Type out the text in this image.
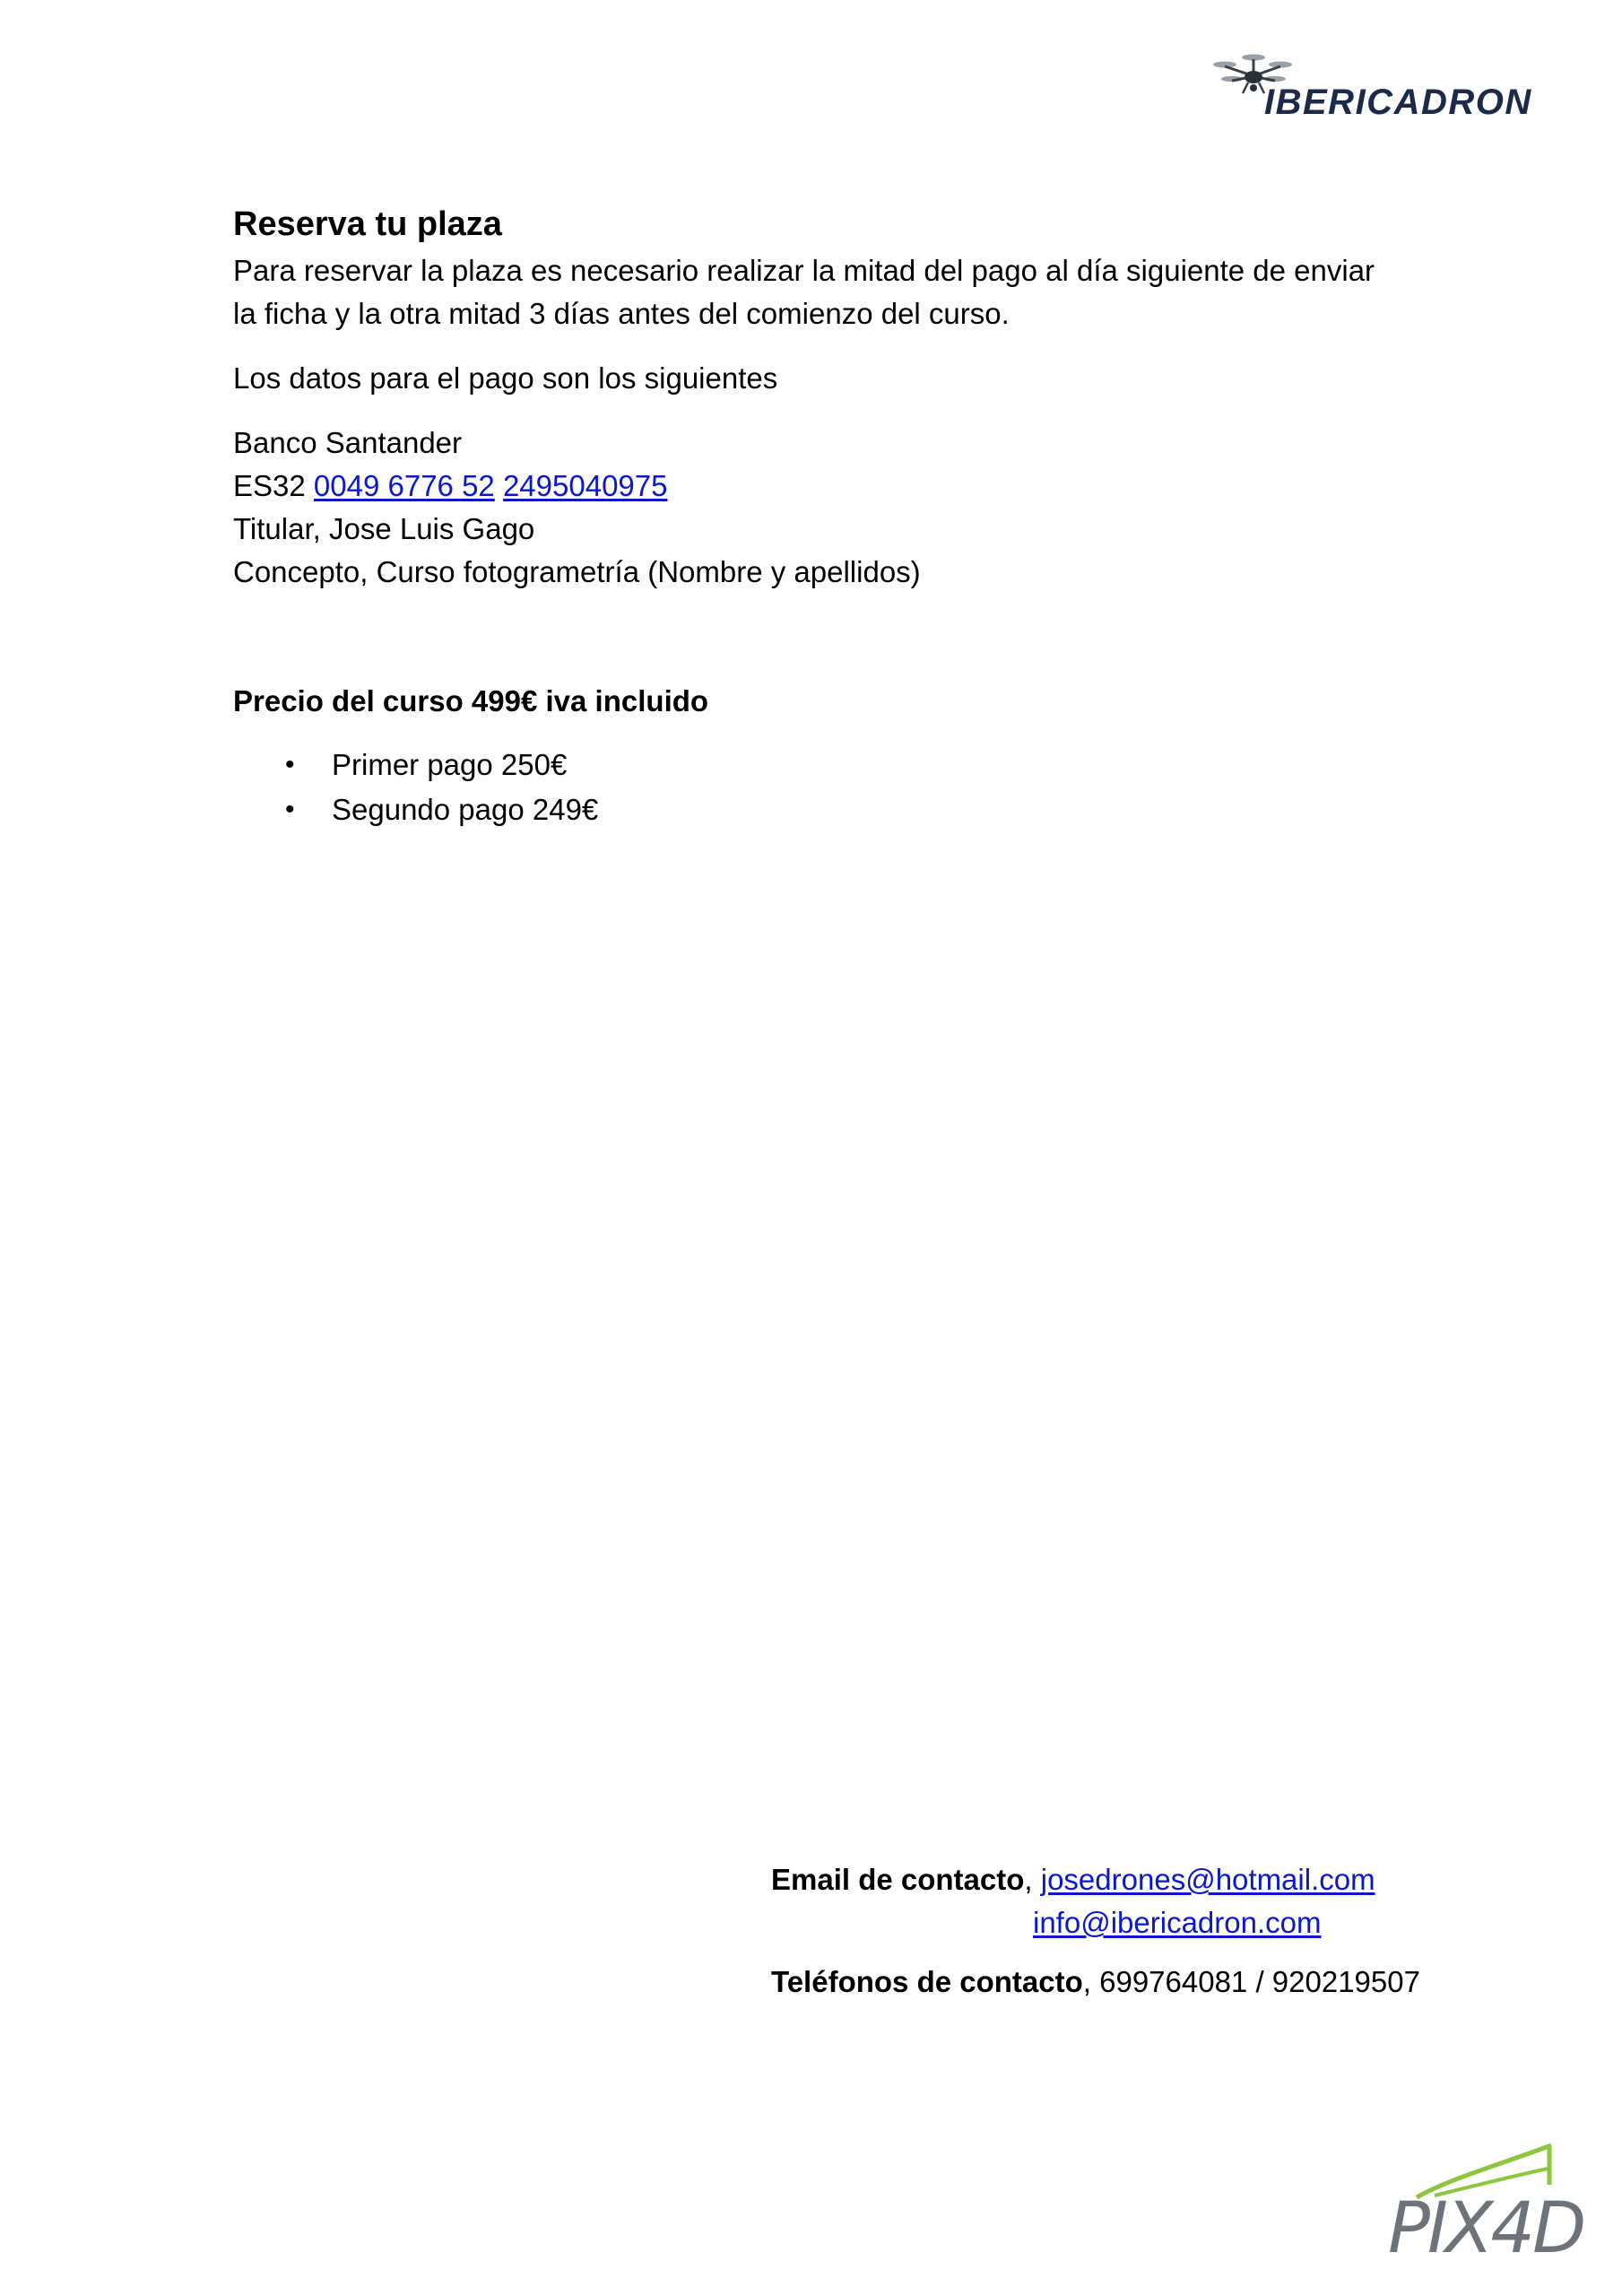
IBERICADRON

Reserva tu plaza

Para reservar la plaza es necesario realizar la mitad del pago al día siguiente de enviar
la ficha y la otra mitad 3 días antes del comienzo del curso.

Los datos para el pago son los siguientes

Banco Santander
ES32 0049 6776 52 2495040975
Titular, Jose Luis Gago
Concepto, Curso fotogrametría (Nombre y apellidos)

Precio del curso 499€ iva incluido

• Primer pago 250€
• Segundo pago 249€
Email de contacto, josedrones@hotmail.com
info@ibericadron.com
Teléfonos de contacto, 699764081 / 920219507
PIX4D
